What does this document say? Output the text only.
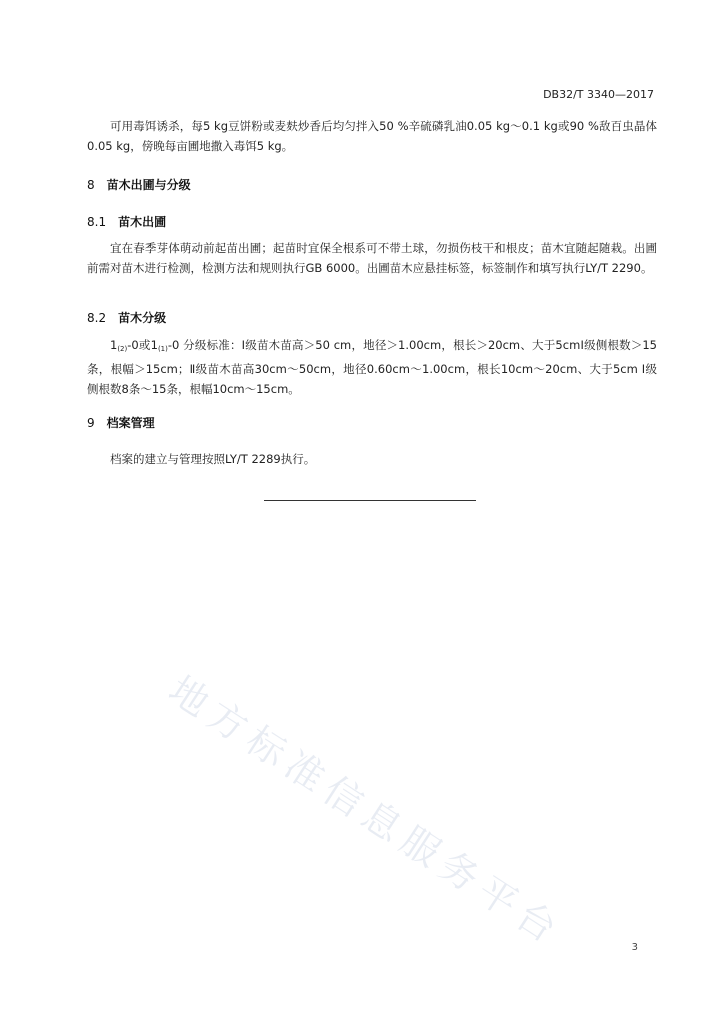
DB32/T 3340—2017

可用毒饵诱杀，每5 kg豆饼粉或麦麸炒香后均匀拌入50 %辛硫磷乳油0.05 kg～0.1 kg或90 %敌百虫晶体0.05 kg，傍晚每亩圃地撒入毒饵5 kg。

8 苗木出圃与分级
8.1 苗木出圃

宜在春季芽体萌动前起苗出圃；起苗时宜保全根系可不带土球，勿损伤枝干和根皮；苗木宜随起随栽。出圃前需对苗木进行检测，检测方法和规则执行GB 6000。出圃苗木应悬挂标签，标签制作和填写执行LY/T 2290。

8.2 苗木分级

$1_{(2)}-0$或$1_{(1)}-0$ 分级标准：Ⅰ级苗木苗高＞50 cm，地径＞1.00cm，根长＞20cm、大于5cmⅠ级侧根数＞15条，根幅＞15cm；Ⅱ级苗木苗高30cm～50cm，地径0.60cm～1.00cm，根长10cm～20cm、大于5cm Ⅰ级侧根数8条～15条，根幅10cm～15cm。

9 档案管理

档案的建立与管理按照LY/T 2289执行。

地方标准信息服务平台	3
